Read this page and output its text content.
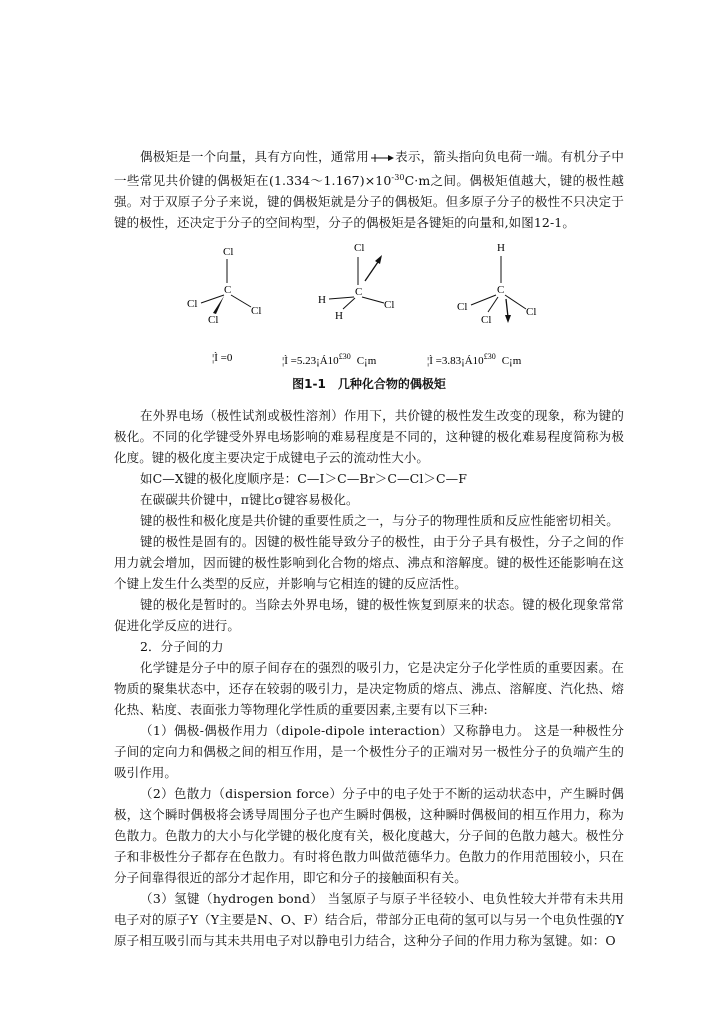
偶极矩是一个向量，具有方向性，通常用 表示，箭头指向负电荷一端。有机分子中一些常见共价键的偶极矩在$(1.334\sim 1.167)\times 10^{-30}C\cdot m$之间。偶极矩值越大，键的极性越强。对于双原子分子来说，键的偶极矩就是分子的偶极矩。但多原子分子的极性不只决定于键的极性，还决定于分子的空间构型，分子的偶极矩是各键矩的向量和,如图12-1。

Cl
C
Cl
Cl
Cl
¦Ì =0
Cl
C
H	Cl
H
¦Ì $=5.23¡Á10^{£30}$ C¡m
H
C
Cl	Cl
Cl
¦Ì $=3.83¡Á10^{£30}$ C¡m
图1-1　几种化合物的偶极矩

在外界电场（极性试剂或极性溶剂）作用下，共价键的极性发生改变的现象，称为键的极化。不同的化学键受外界电场影响的难易程度是不同的，这种键的极化难易程度简称为极化度。键的极化度主要决定于成键电子云的流动性大小。

如C—X键的极化度顺序是：C—I＞C—Br＞C—Cl＞C—F

在碳碳共价键中，π键比σ键容易极化。

键的极性和极化度是共价键的重要性质之一，与分子的物理性质和反应性能密切相关。

键的极性是固有的。因键的极性能导致分子的极性，由于分子具有极性，分子之间的作用力就会增加，因而键的极性影响到化合物的熔点、沸点和溶解度。键的极性还能影响在这个键上发生什么类型的反应，并影响与它相连的键的反应活性。

键的极化是暂时的。当除去外界电场，键的极性恢复到原来的状态。键的极化现象常常促进化学反应的进行。

2．分子间的力

化学键是分子中的原子间存在的强烈的吸引力，它是决定分子化学性质的重要因素。在物质的聚集状态中，还存在较弱的吸引力，是决定物质的熔点、沸点、溶解度、汽化热、熔化热、粘度、表面张力等物理化学性质的重要因素,主要有以下三种:

（1）偶极-偶极作用力（dipole-dipole interaction）又称静电力。 这是一种极性分子间的定向力和偶极之间的相互作用，是一个极性分子的正端对另一极性分子的负端产生的吸引作用。

（2）色散力（dispersion force）分子中的电子处于不断的运动状态中，产生瞬时偶极，这个瞬时偶极将会诱导周围分子也产生瞬时偶极，这种瞬时偶极间的相互作用力，称为色散力。色散力的大小与化学键的极化度有关，极化度越大，分子间的色散力越大。极性分子和非极性分子都存在色散力。有时将色散力叫做范德华力。色散力的作用范围较小，只在分子间靠得很近的部分才起作用，即它和分子的接触面积有关。

（3）氢键（hydrogen bond） 当氢原子与原子半径较小、电负性较大并带有未共用电子对的原子Y（Y主要是N、O、F）结合后，带部分正电荷的氢可以与另一个电负性强的Y原子相互吸引而与其未共用电子对以静电引力结合，这种分子间的作用力称为氢键。如：O
